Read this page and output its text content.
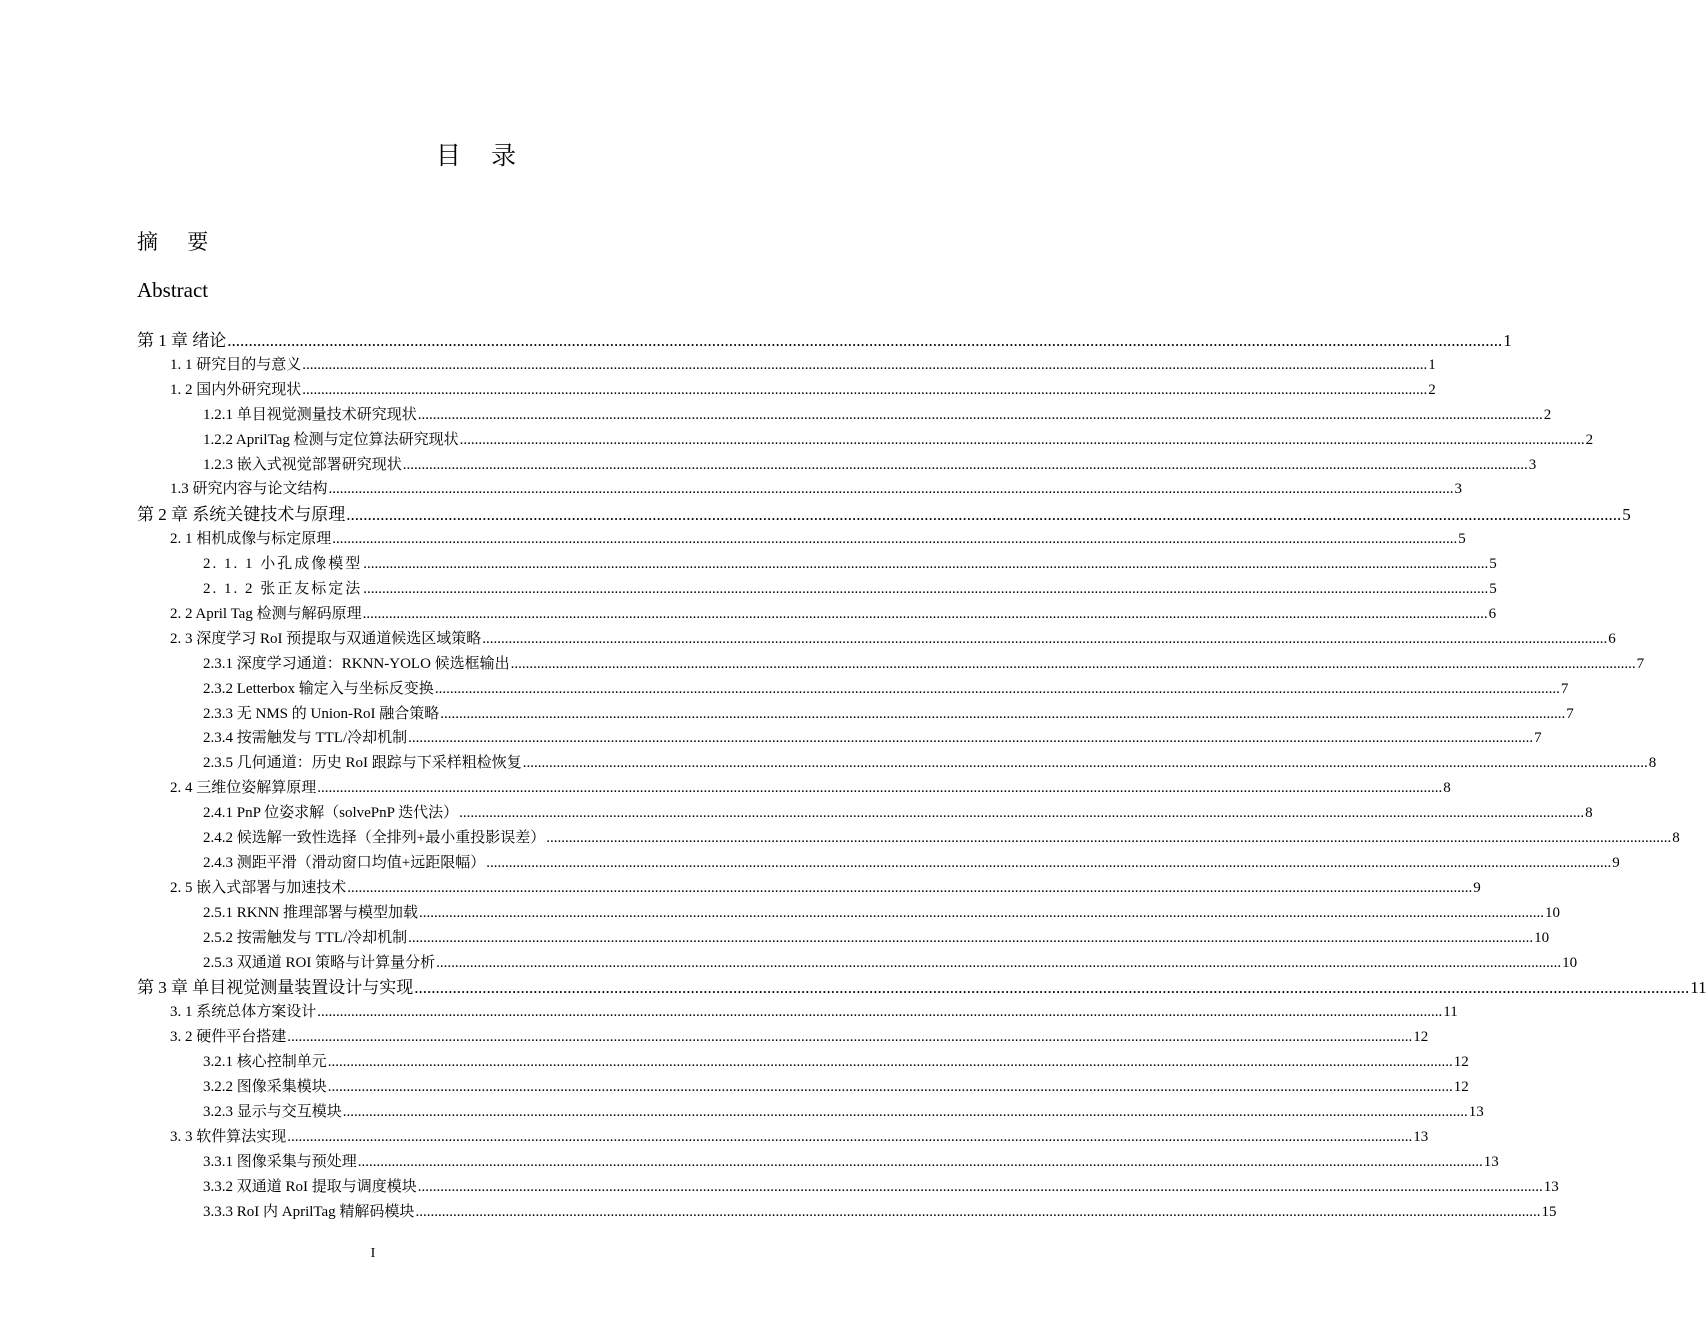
目 录
摘 要
Abstract
第 1 章 绪论 ............................................................................................................................................................................................................................................................................................................ 1
1. 1 研究目的与意义 ............................................................................................................................................................................................................................................................................................................ 1
1. 2 国内外研究现状 ............................................................................................................................................................................................................................................................................................................ 2
1.2.1 单目视觉测量技术研究现状 ............................................................................................................................................................................................................................................................................................................ 2
1.2.2 AprilTag 检测与定位算法研究现状 ............................................................................................................................................................................................................................................................................................................ 2
1.2.3 嵌入式视觉部署研究现状 ............................................................................................................................................................................................................................................................................................................ 3
1.3 研究内容与论文结构 ............................................................................................................................................................................................................................................................................................................ 3
第 2 章 系统关键技术与原理 ............................................................................................................................................................................................................................................................................................................ 5
2. 1 相机成像与标定原理 ............................................................................................................................................................................................................................................................................................................ 5
2. 1. 1 小孔成像模型 ............................................................................................................................................................................................................................................................................................................ 5
2. 1. 2 张正友标定法 ............................................................................................................................................................................................................................................................................................................ 5
2. 2 April Tag 检测与解码原理 ............................................................................................................................................................................................................................................................................................................ 6
2. 3 深度学习 RoI 预提取与双通道候选区域策略 ............................................................................................................................................................................................................................................................................................................ 6
2.3.1 深度学习通道：RKNN-YOLO 候选框输出 ............................................................................................................................................................................................................................................................................................................ 7
2.3.2 Letterbox 输定入与坐标反变换 ............................................................................................................................................................................................................................................................................................................ 7
2.3.3 无 NMS 的 Union-RoI 融合策略 ............................................................................................................................................................................................................................................................................................................ 7
2.3.4 按需触发与 TTL/冷却机制 ............................................................................................................................................................................................................................................................................................................ 7
2.3.5 几何通道：历史 RoI 跟踪与下采样粗检恢复 ............................................................................................................................................................................................................................................................................................................ 8
2. 4 三维位姿解算原理 ............................................................................................................................................................................................................................................................................................................ 8
2.4.1 PnP 位姿求解（solvePnP 迭代法） ............................................................................................................................................................................................................................................................................................................ 8
2.4.2 候选解一致性选择（全排列+最小重投影误差） ............................................................................................................................................................................................................................................................................................................ 8
2.4.3 测距平滑（滑动窗口均值+远距限幅） ............................................................................................................................................................................................................................................................................................................ 9
2. 5 嵌入式部署与加速技术 ............................................................................................................................................................................................................................................................................................................ 9
2.5.1 RKNN 推理部署与模型加载 ............................................................................................................................................................................................................................................................................................................ 10
2.5.2 按需触发与 TTL/冷却机制 ............................................................................................................................................................................................................................................................................................................ 10
2.5.3 双通道 ROI 策略与计算量分析 ............................................................................................................................................................................................................................................................................................................ 10
第 3 章 单目视觉测量装置设计与实现 ............................................................................................................................................................................................................................................................................................................ 11
3. 1 系统总体方案设计 ............................................................................................................................................................................................................................................................................................................ 11
3. 2 硬件平台搭建 ............................................................................................................................................................................................................................................................................................................ 12
3.2.1 核心控制单元 ............................................................................................................................................................................................................................................................................................................ 12
3.2.2 图像采集模块 ............................................................................................................................................................................................................................................................................................................ 12
3.2.3 显示与交互模块 ............................................................................................................................................................................................................................................................................................................ 13
3. 3 软件算法实现 ............................................................................................................................................................................................................................................................................................................ 13
3.3.1 图像采集与预处理 ............................................................................................................................................................................................................................................................................................................ 13
3.3.2 双通道 RoI 提取与调度模块 ............................................................................................................................................................................................................................................................................................................ 13
3.3.3 RoI 内 AprilTag 精解码模块 ............................................................................................................................................................................................................................................................................................................ 15
I
